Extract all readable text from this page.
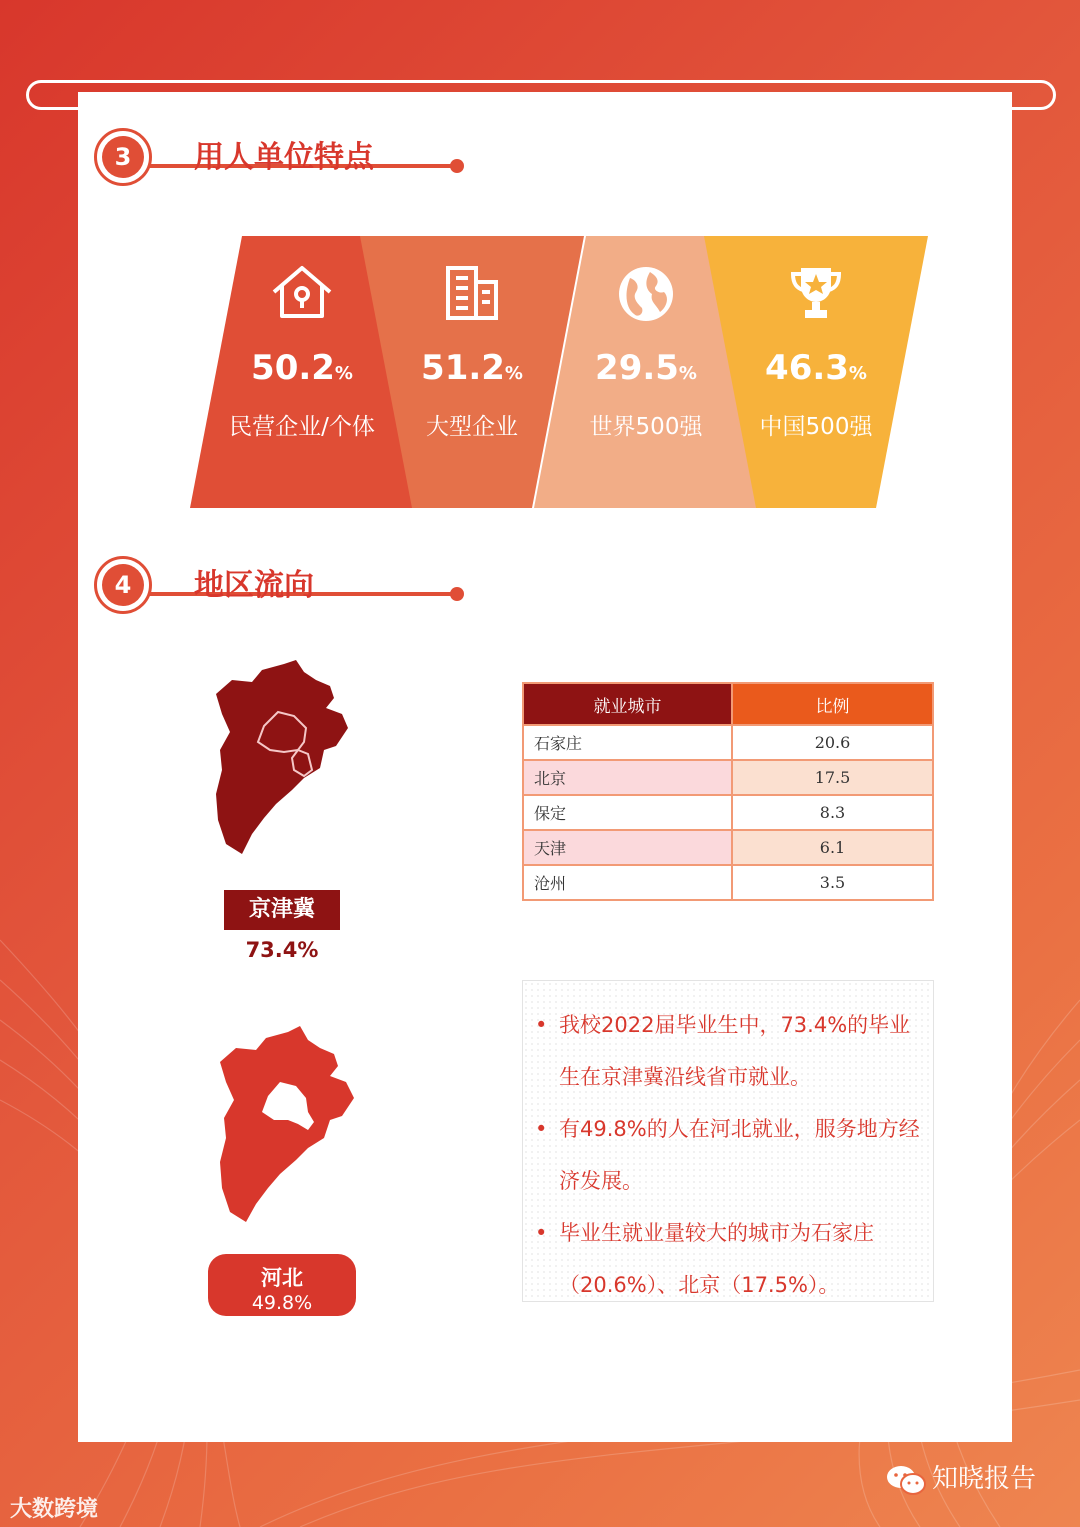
3	用人单位特点
50.2%
民营企业/个体
51.2%
大型企业
29.5%
世界500强
46.3%
中国500强
4	地区流向
京津冀
73.4%
河北
49.8%
就业城市	比例
石家庄	20.6
北京	17.5
保定	8.3
天津	6.1
沧州	3.5
• 我校2022届毕业生中，73.4%的毕业生在京津冀沿线省市就业。
• 有49.8%的人在河北就业，服务地方经济发展。
• 毕业生就业量较大的城市为石家庄（20.6%）、北京（17.5%）。
大数跨境
知晓报告
